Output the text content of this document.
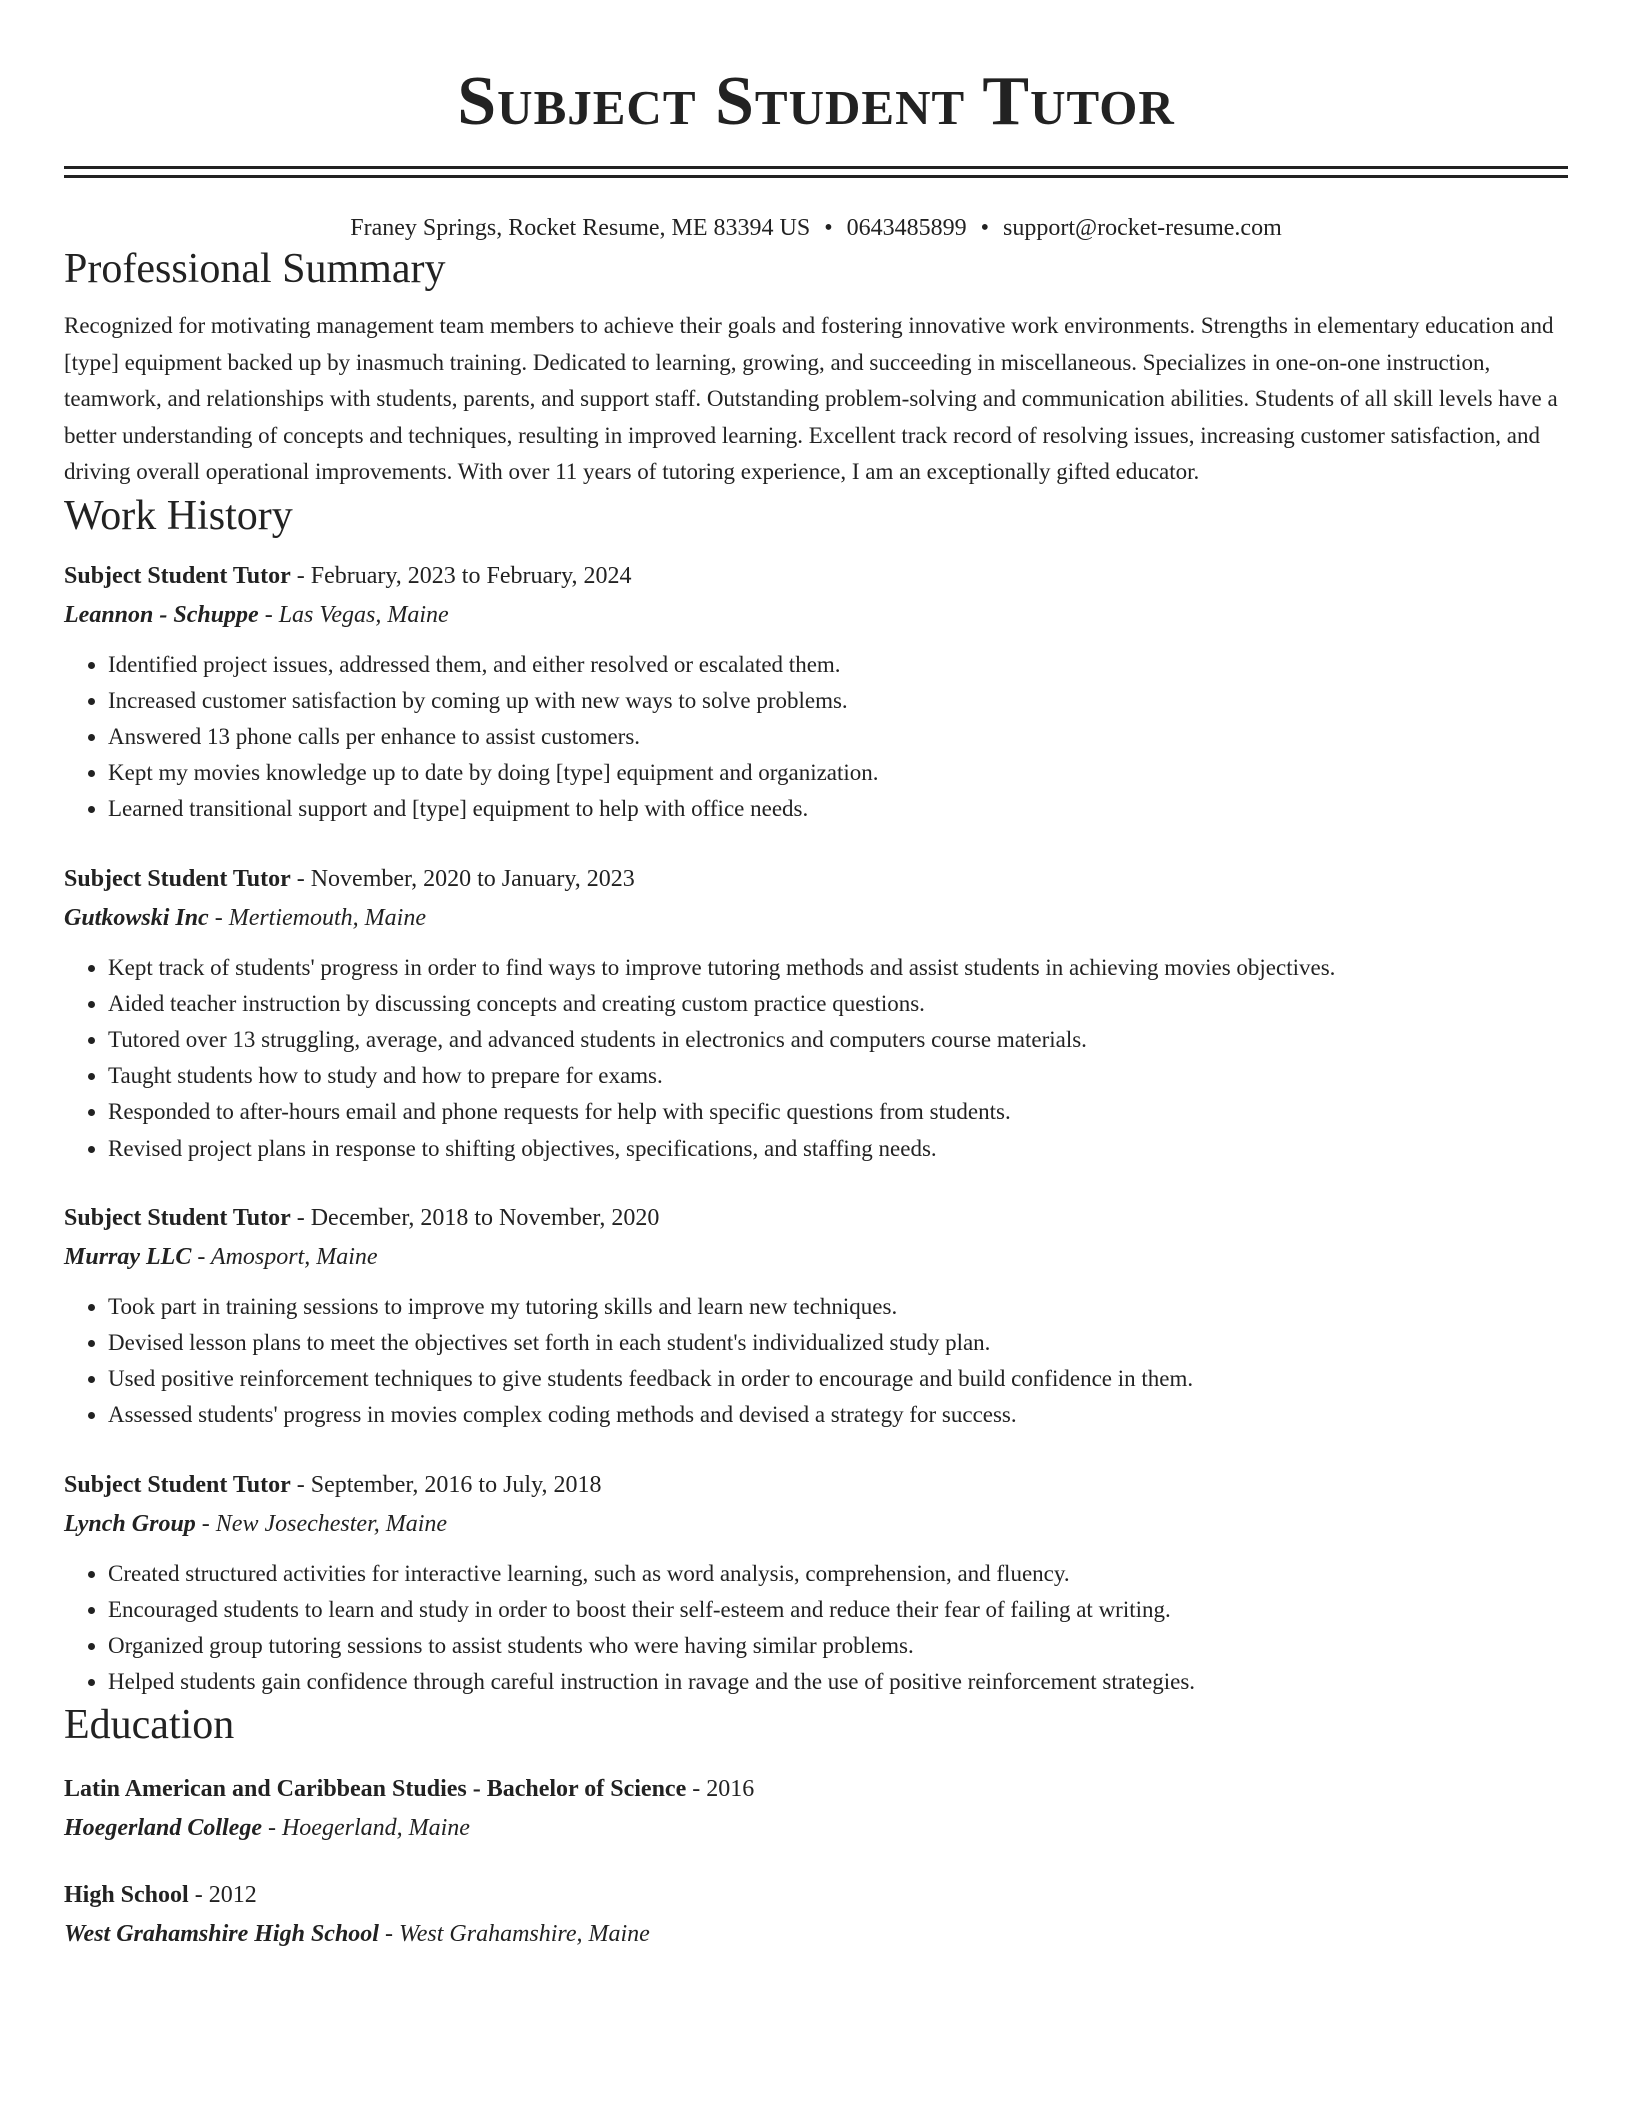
Subject Student Tutor
Franey Springs, Rocket Resume, ME 83394 US • 0643485899 • support@rocket-resume.com
Professional Summary
Recognized for motivating management team members to achieve their goals and fostering innovative work environments. Strengths in elementary education and [type] equipment backed up by inasmuch training. Dedicated to learning, growing, and succeeding in miscellaneous. Specializes in one-on-one instruction, teamwork, and relationships with students, parents, and support staff. Outstanding problem-solving and communication abilities. Students of all skill levels have a better understanding of concepts and techniques, resulting in improved learning. Excellent track record of resolving issues, increasing customer satisfaction, and driving overall operational improvements. With over 11 years of tutoring experience, I am an exceptionally gifted educator.
Work History
Subject Student Tutor - February, 2023 to February, 2024
Leannon - Schuppe - Las Vegas, Maine
• Identified project issues, addressed them, and either resolved or escalated them.
• Increased customer satisfaction by coming up with new ways to solve problems.
• Answered 13 phone calls per enhance to assist customers.
• Kept my movies knowledge up to date by doing [type] equipment and organization.
• Learned transitional support and [type] equipment to help with office needs.
Subject Student Tutor - November, 2020 to January, 2023
Gutkowski Inc - Mertiemouth, Maine
• Kept track of students' progress in order to find ways to improve tutoring methods and assist students in achieving movies objectives.
• Aided teacher instruction by discussing concepts and creating custom practice questions.
• Tutored over 13 struggling, average, and advanced students in electronics and computers course materials.
• Taught students how to study and how to prepare for exams.
• Responded to after-hours email and phone requests for help with specific questions from students.
• Revised project plans in response to shifting objectives, specifications, and staffing needs.
Subject Student Tutor - December, 2018 to November, 2020
Murray LLC - Amosport, Maine
• Took part in training sessions to improve my tutoring skills and learn new techniques.
• Devised lesson plans to meet the objectives set forth in each student's individualized study plan.
• Used positive reinforcement techniques to give students feedback in order to encourage and build confidence in them.
• Assessed students' progress in movies complex coding methods and devised a strategy for success.
Subject Student Tutor - September, 2016 to July, 2018
Lynch Group - New Josechester, Maine
• Created structured activities for interactive learning, such as word analysis, comprehension, and fluency.
• Encouraged students to learn and study in order to boost their self-esteem and reduce their fear of failing at writing.
• Organized group tutoring sessions to assist students who were having similar problems.
• Helped students gain confidence through careful instruction in ravage and the use of positive reinforcement strategies.
Education
Latin American and Caribbean Studies - Bachelor of Science - 2016
Hoegerland College - Hoegerland, Maine
High School - 2012
West Grahamshire High School - West Grahamshire, Maine
